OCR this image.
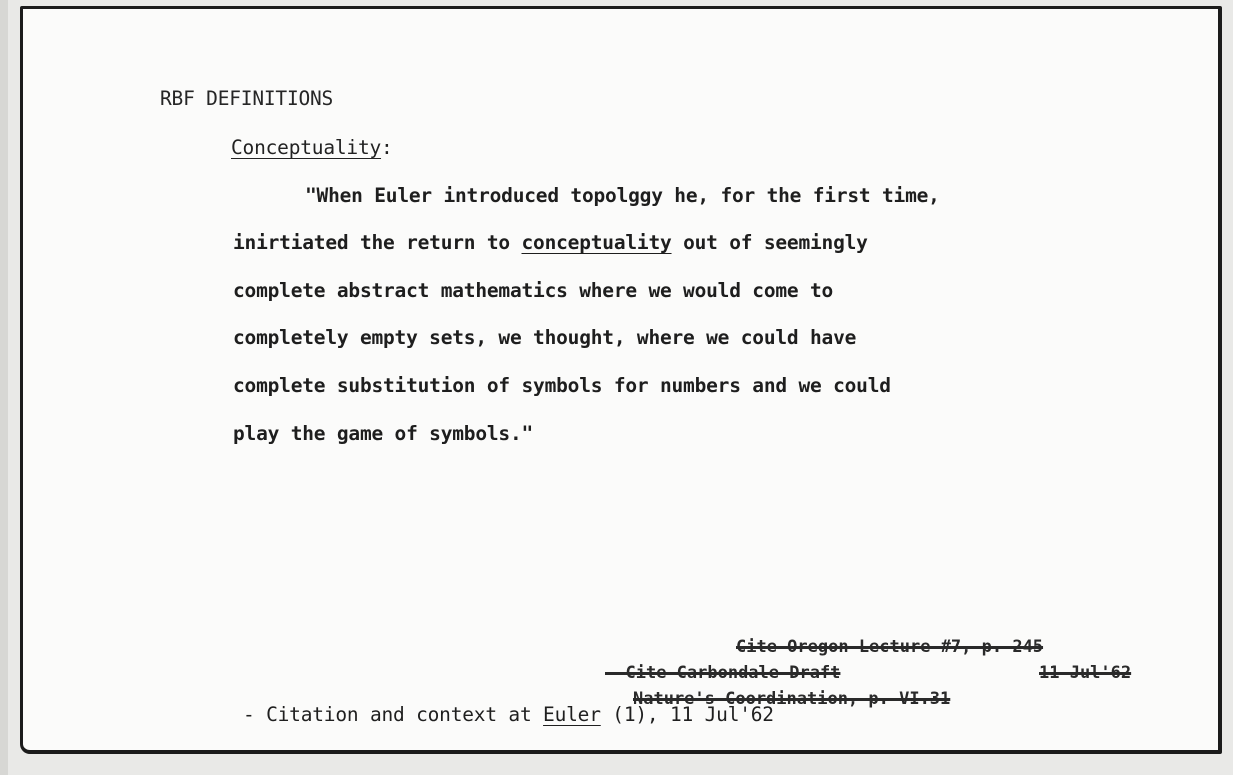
RBF DEFINITIONS

Conceptuality:

"When Euler introduced topolggy he, for the first time,

inirtiated the return to conceptuality out of seemingly

complete abstract mathematics where we would come to

completely empty sets, we thought, where we could have

complete substitution of symbols for numbers and we could

play the game of symbols."

Cite Oregon Lecture #7, p. 245

- Cite Carbondale Draft	11 Jul'62

Nature's Coordination, p. VI.31

- Citation and context at Euler (1), 11 Jul'62
